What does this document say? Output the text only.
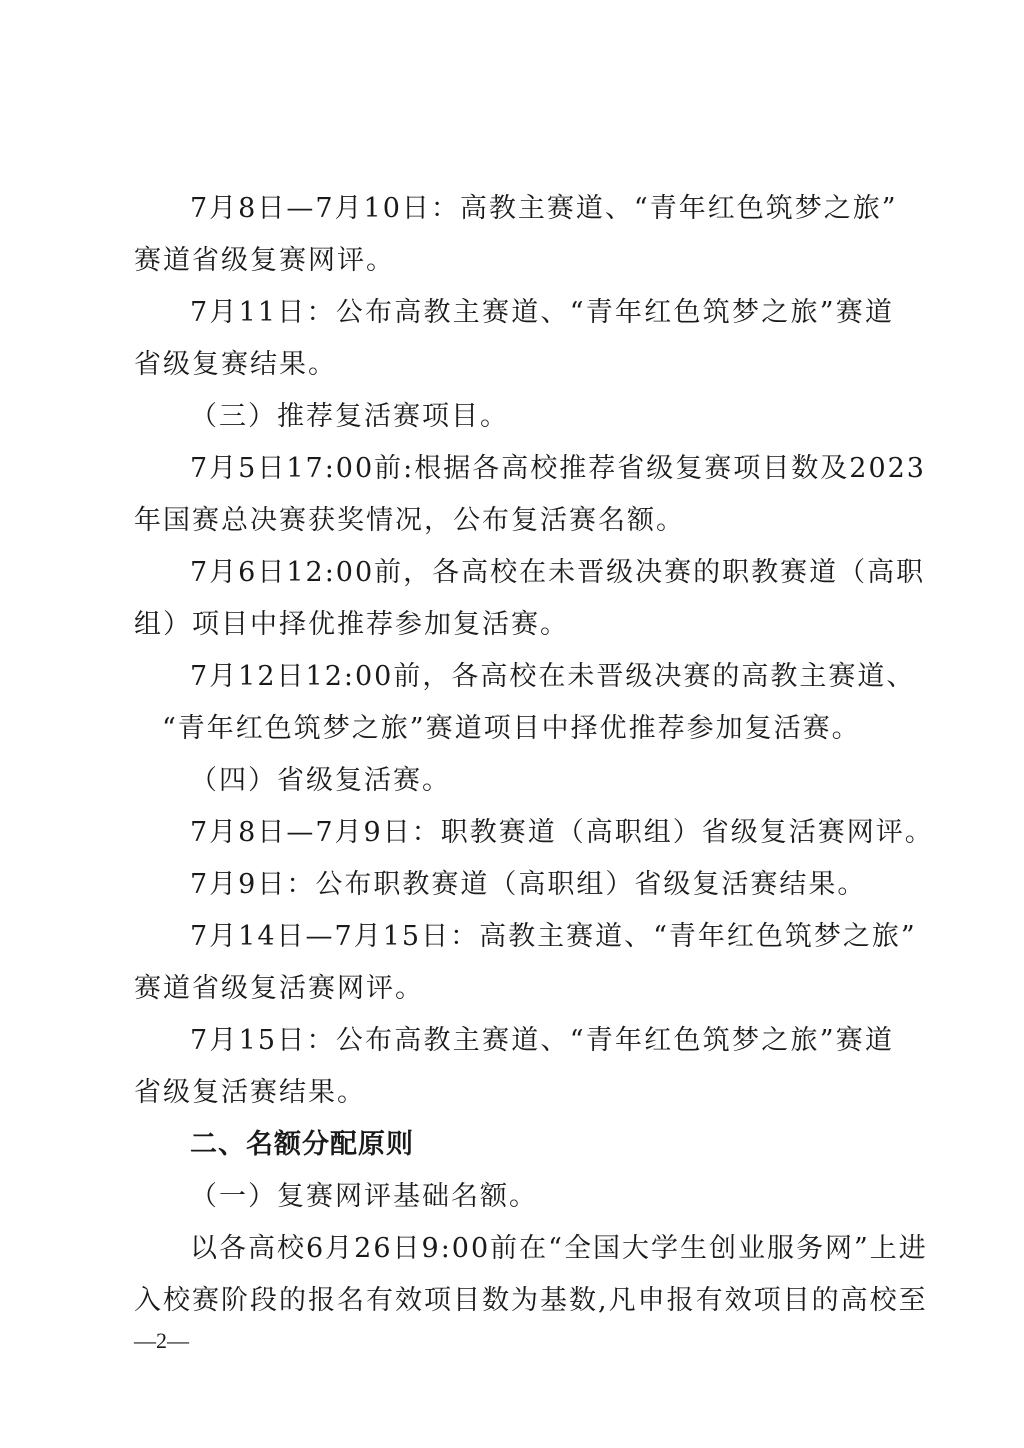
7月8日—7月10日：高教主赛道、“青年红色筑梦之旅”
赛道省级复赛网评。
7月11日：公布高教主赛道、“青年红色筑梦之旅”赛道
省级复赛结果。
（三）推荐复活赛项目。
7月5日17:00前:根据各高校推荐省级复赛项目数及2023
年国赛总决赛获奖情况，公布复活赛名额。
7月6日12:00前，各高校在未晋级决赛的职教赛道（高职
组）项目中择优推荐参加复活赛。
7月12日12:00前，各高校在未晋级决赛的高教主赛道、
“青年红色筑梦之旅”赛道项目中择优推荐参加复活赛。
（四）省级复活赛。
7月8日—7月9日：职教赛道（高职组）省级复活赛网评。
7月9日：公布职教赛道（高职组）省级复活赛结果。
7月14日—7月15日：高教主赛道、“青年红色筑梦之旅”
赛道省级复活赛网评。
7月15日：公布高教主赛道、“青年红色筑梦之旅”赛道
省级复活赛结果。
二、名额分配原则
（一）复赛网评基础名额。
以各高校6月26日9:00前在“全国大学生创业服务网”上进
入校赛阶段的报名有效项目数为基数,凡申报有效项目的高校至
—2—
